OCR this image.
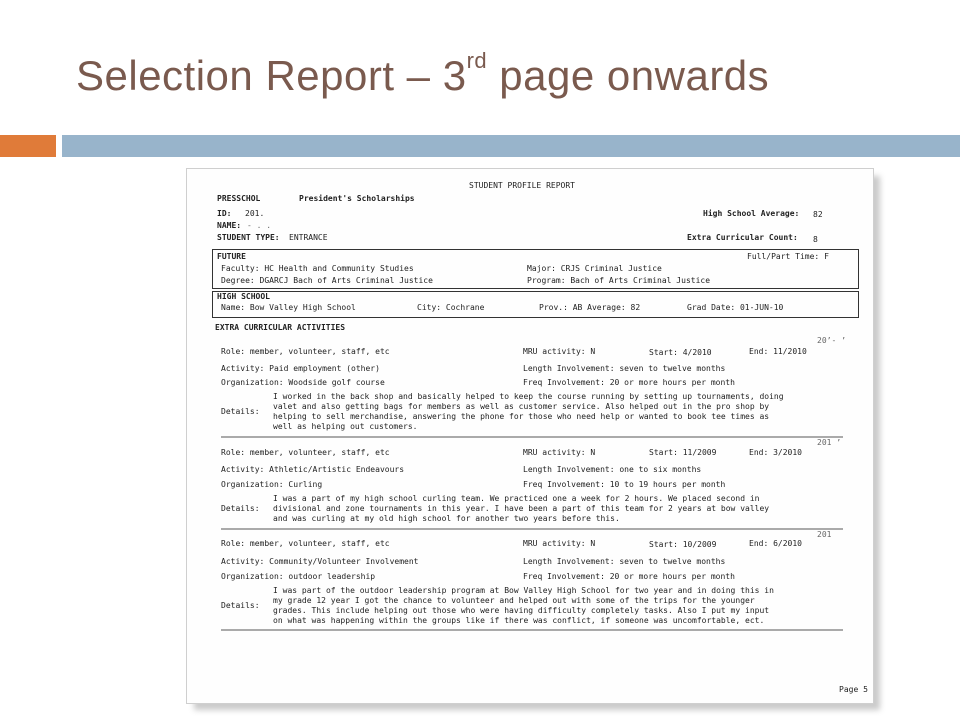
Selection Report – 3rd page onwards
STUDENT PROFILE REPORT
PRESSCHOL	President's Scholarships
ID: 201.	High School Average: 82
NAME: - . .
STUDENT TYPE: ENTRANCE	Extra Curricular Count: 8
FUTURE	Full/Part Time: F
Faculty: HC Health and Community Studies	Major: CRJS Criminal Justice
Degree: DGARCJ Bach of Arts Criminal Justice	Program: Bach of Arts Criminal Justice
HIGH SCHOOL
Name: Bow Valley High School	City: Cochrane	Prov.: AB Average: 82	Grad Date: 01-JUN-10
EXTRA CURRICULAR ACTIVITIES
20’- ’
Role: member, volunteer, staff, etc	MRU activity: N	Start: 4/2010	End: 11/2010
Activity: Paid employment (other)	Length Involvement: seven to twelve months
Organization: Woodside golf course	Freq Involvement: 20 or more hours per month
I worked in the back shop and basically helped to keep the course running by setting up tournaments, doing
valet and also getting bags for members as well as customer service. Also helped out in the pro shop by
Details:
helping to sell merchandise, answering the phone for those who need help or wanted to book tee times as
well as helping out customers.
201 ’
Role: member, volunteer, staff, etc	MRU activity: N	Start: 11/2009	End: 3/2010
Activity: Athletic/Artistic Endeavours	Length Involvement: one to six months
Organization: Curling	Freq Involvement: 10 to 19 hours per month
I was a part of my high school curling team. We practiced one a week for 2 hours. We placed second in
Details: divisional and zone tournaments in this year. I have been a part of this team for 2 years at bow valley
and was curling at my old high school for another two years before this.
201
Role: member, volunteer, staff, etc	MRU activity: N	Start: 10/2009	End: 6/2010
Activity: Community/Volunteer Involvement	Length Involvement: seven to twelve months
Organization: outdoor leadership	Freq Involvement: 20 or more hours per month
I was part of the outdoor leadership program at Bow Valley High School for two year and in doing this in
my grade 12 year I got the chance to volunteer and helped out with some of the trips for the younger
Details:
grades. This include helping out those who were having difficulty completely tasks. Also I put my input
on what was happening within the groups like if there was conflict, if someone was uncomfortable, ect.
Page 5
